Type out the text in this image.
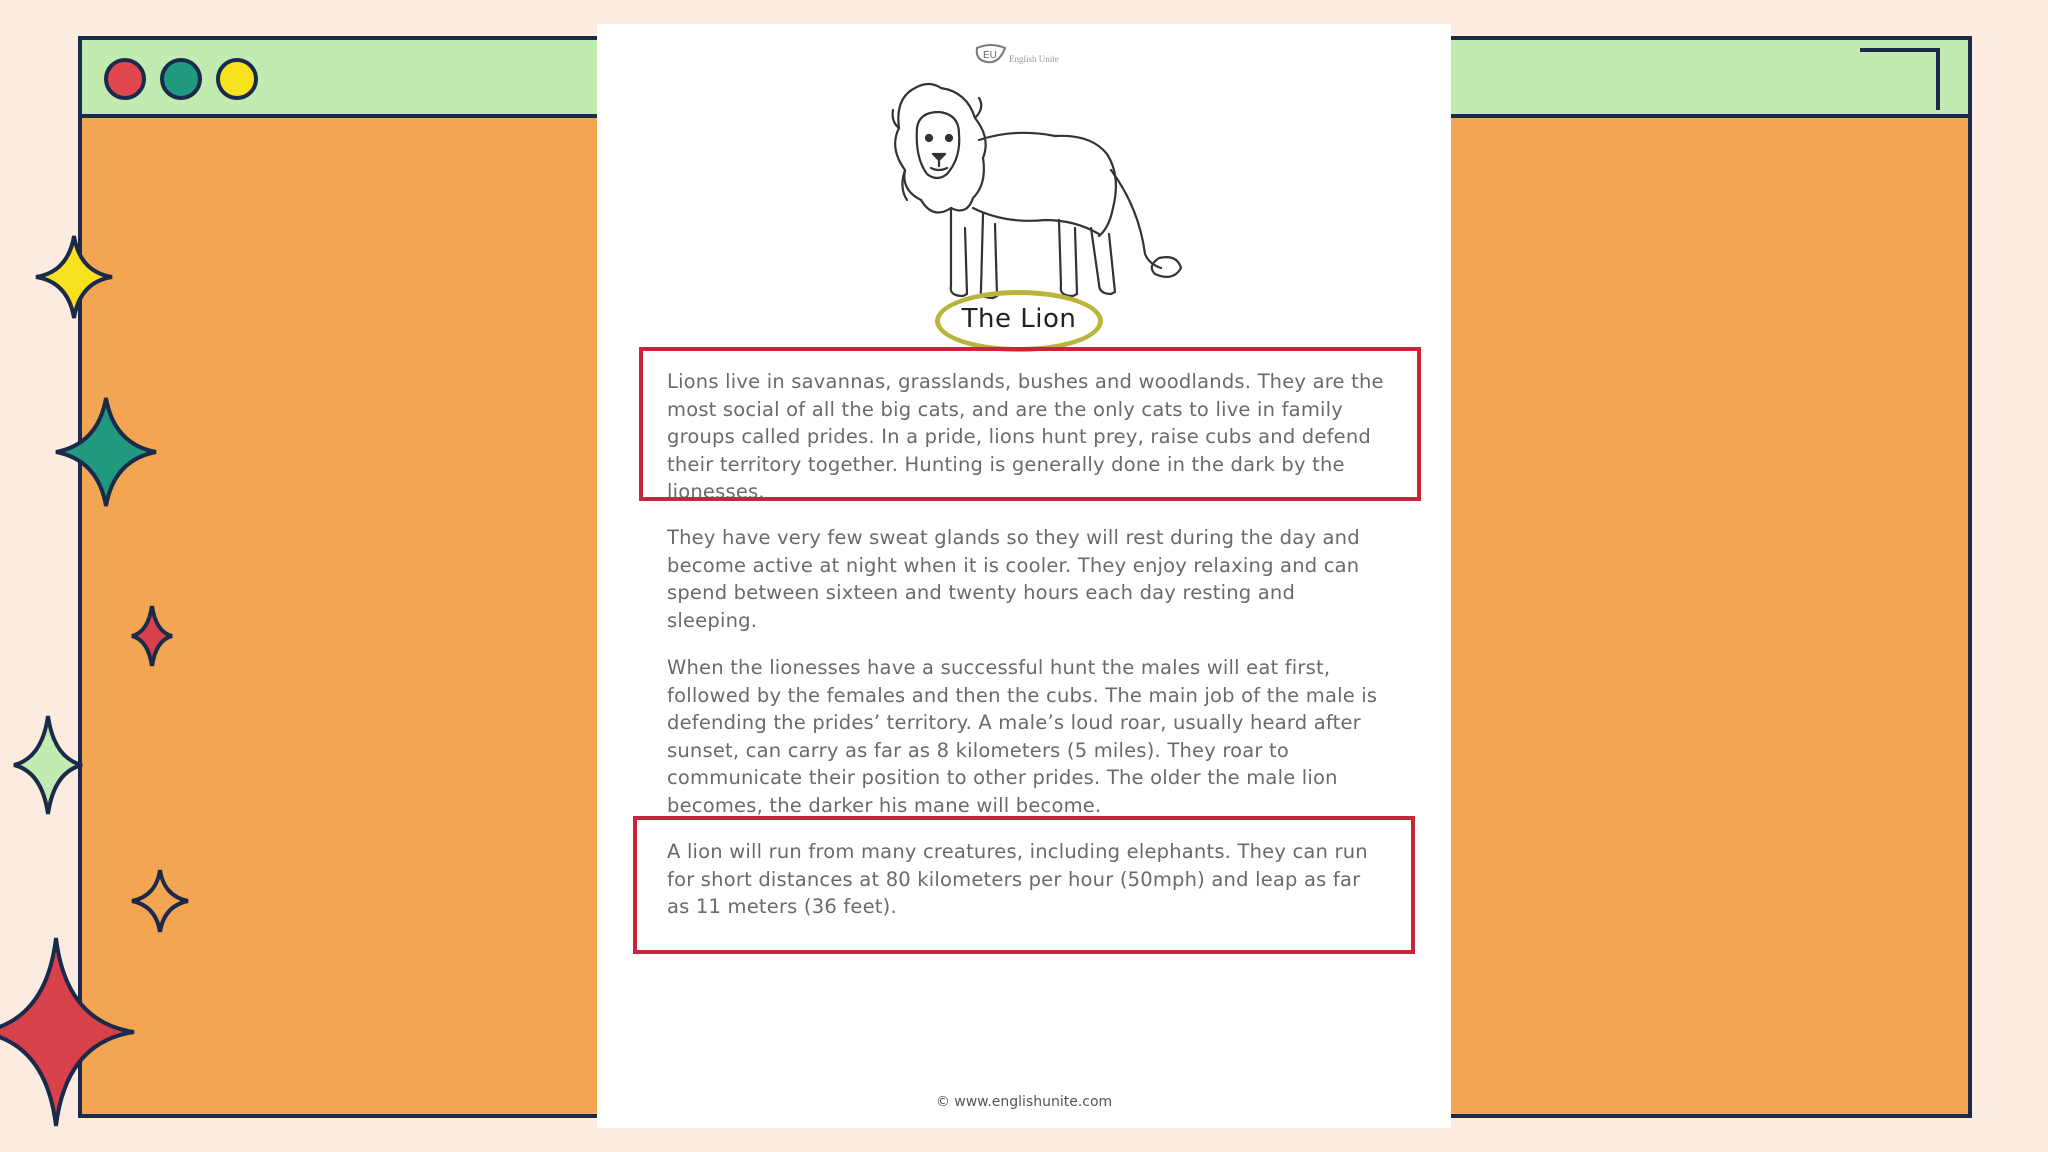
EU English Unite
The Lion
Lions live in savannas, grasslands, bushes and woodlands. They are the most social of all the big cats, and are the only cats to live in family groups called prides. In a pride, lions hunt prey, raise cubs and defend their territory together. Hunting is generally done in the dark by the lionesses.
They have very few sweat glands so they will rest during the day and become active at night when it is cooler. They enjoy relaxing and can spend between sixteen and twenty hours each day resting and sleeping.
When the lionesses have a successful hunt the males will eat first, followed by the females and then the cubs. The main job of the male is defending the prides’ territory. A male’s loud roar, usually heard after sunset, can carry as far as 8 kilometers (5 miles). They roar to communicate their position to other prides. The older the male lion becomes, the darker his mane will become.
A lion will run from many creatures, including elephants. They can run for short distances at 80 kilometers per hour (50mph) and leap as far as 11 meters (36 feet).
© www.englishunite.com
